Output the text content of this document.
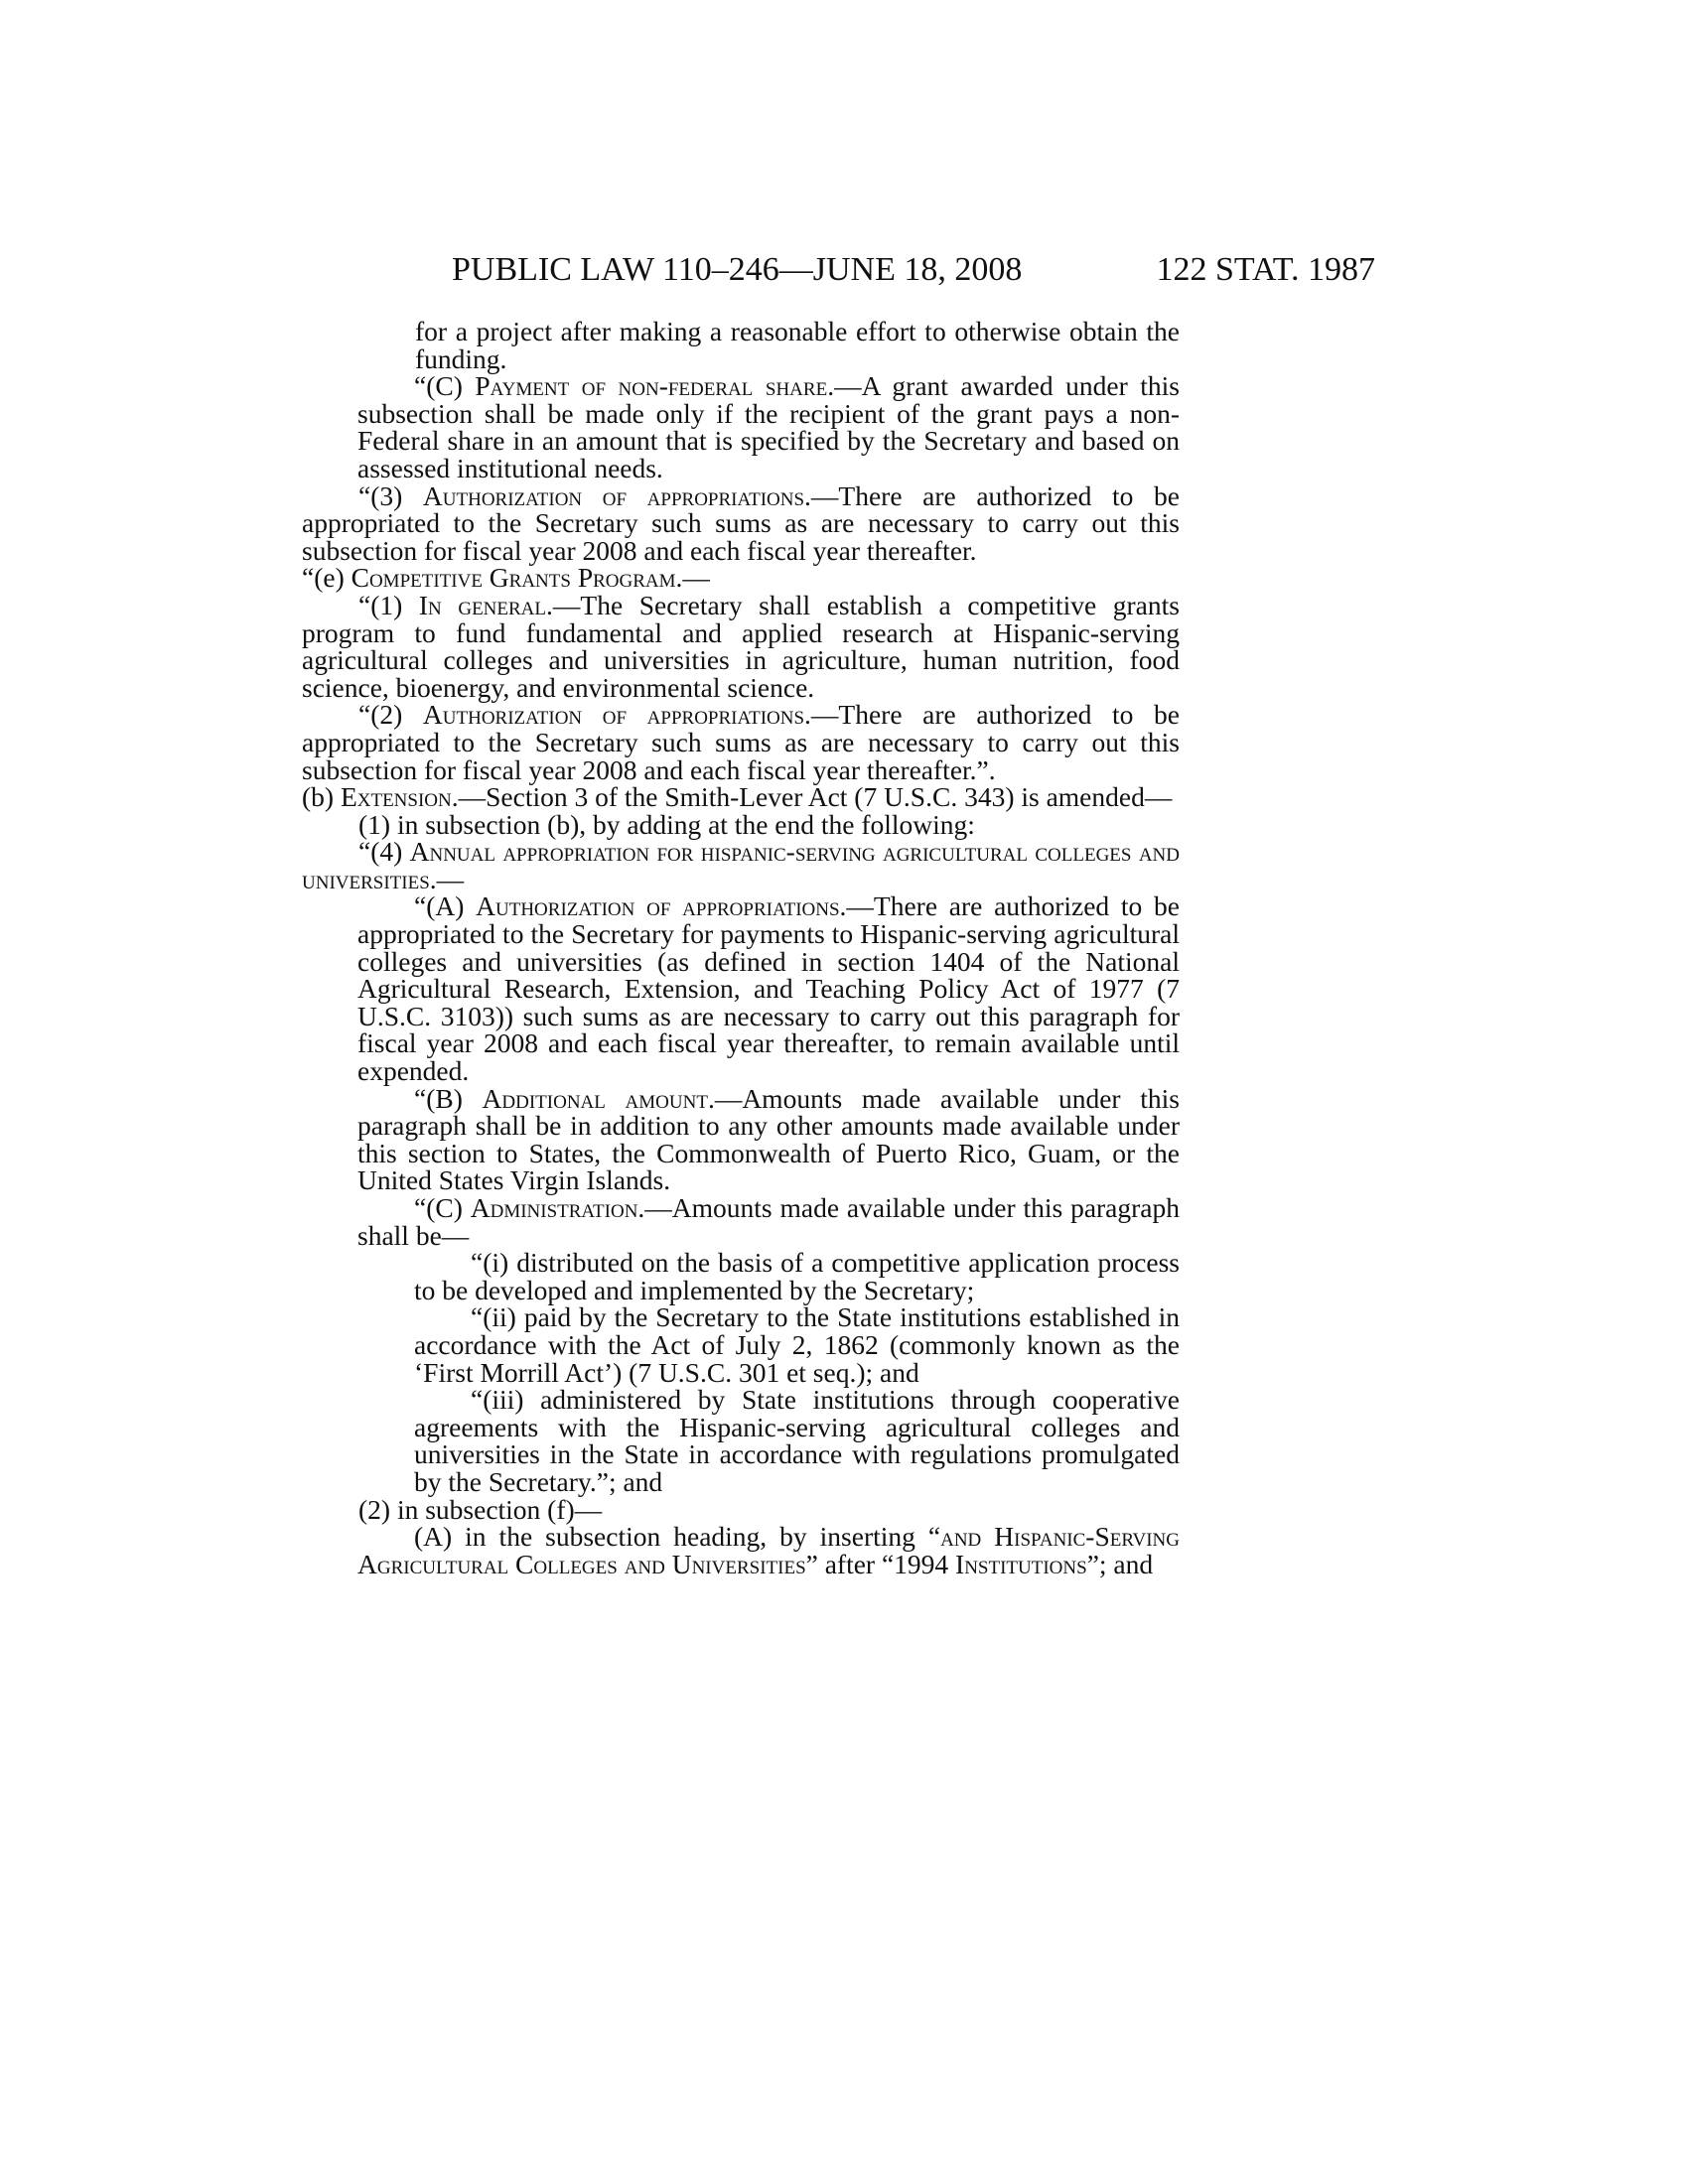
PUBLIC LAW 110–246—JUNE 18, 2008	122 STAT. 1987

for a project after making a reasonable effort to otherwise obtain the funding.

“(C) Payment of non-federal share.—A grant awarded under this subsection shall be made only if the recipient of the grant pays a non-Federal share in an amount that is specified by the Secretary and based on assessed institutional needs.

“(3) Authorization of appropriations.—There are authorized to be appropriated to the Secretary such sums as are necessary to carry out this subsection for fiscal year 2008 and each fiscal year thereafter.

“(e) Competitive Grants Program.—

“(1) In general.—The Secretary shall establish a competitive grants program to fund fundamental and applied research at Hispanic-serving agricultural colleges and universities in agriculture, human nutrition, food science, bioenergy, and environmental science.

“(2) Authorization of appropriations.—There are authorized to be appropriated to the Secretary such sums as are necessary to carry out this subsection for fiscal year 2008 and each fiscal year thereafter.”.

(b) Extension.—Section 3 of the Smith-Lever Act (7 U.S.C. 343) is amended—

(1) in subsection (b), by adding at the end the following:

“(4) Annual appropriation for hispanic-serving agricultural colleges and universities.—

“(A) Authorization of appropriations.—There are authorized to be appropriated to the Secretary for payments to Hispanic-serving agricultural colleges and universities (as defined in section 1404 of the National Agricultural Research, Extension, and Teaching Policy Act of 1977 (7 U.S.C. 3103)) such sums as are necessary to carry out this paragraph for fiscal year 2008 and each fiscal year thereafter, to remain available until expended.

“(B) Additional amount.—Amounts made available under this paragraph shall be in addition to any other amounts made available under this section to States, the Commonwealth of Puerto Rico, Guam, or the United States Virgin Islands.

“(C) Administration.—Amounts made available under this paragraph shall be—

“(i) distributed on the basis of a competitive application process to be developed and implemented by the Secretary;

“(ii) paid by the Secretary to the State institutions established in accordance with the Act of July 2, 1862 (commonly known as the ‘First Morrill Act’) (7 U.S.C. 301 et seq.); and

“(iii) administered by State institutions through cooperative agreements with the Hispanic-serving agricultural colleges and universities in the State in accordance with regulations promulgated by the Secretary.”; and

(2) in subsection (f)—

(A) in the subsection heading, by inserting “and Hispanic-Serving Agricultural Colleges and Universities” after “1994 Institutions”; and
